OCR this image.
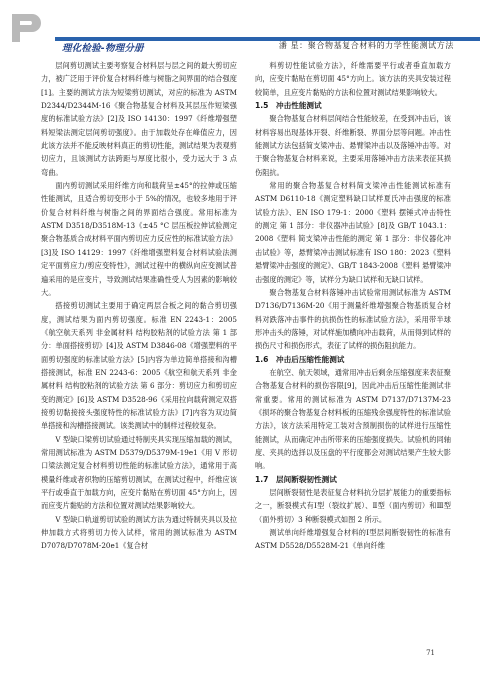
理化检验-物理分册	潘 星：聚合物基复合材料的力学性能测试方法

层间剪切测试主要考察复合材料层与层之间的最大剪切应力，被广泛用于评价复合材料纤维与树脂之间界面的结合强度[1]。主要的测试方法为短梁剪切测试，对应的标准为 ASTM D2344/D2344M-16《聚合物基复合材料及其层压作短梁强度的标准试验方法》[2]及 ISO 14130：1997《纤维增强塑料短梁法测定层间剪切强度》。由于加载处存在峰值应力，因此该方法并不能反映材料真正的剪切性能，测试结果为表观剪切应力，且该测试方法跨距与厚度比很小，受力远大于 3 点弯曲。

面内剪切测试采用纤维方向和载荷呈±45°的拉伸或压缩性能测试，且适合剪切变形小于 5%的情况，也较多地用于评价复合材料纤维与树脂之间的界面结合强度。常用标准为 ASTM D3518/D3518M-13《±45 °C 层压板拉伸试验测定聚合物基质合成材料平面内剪切应力反应性的标准试验方法》[3]及 ISO 14129：1997《纤维增强塑料复合材料试验法测定平面剪应力/剪应变特性》，测试过程中的横纵向应变测试普遍采用的是应变片，导致测试结果准确性受人为因素的影响较大。

搭接剪切测试主要用于确定两层合板之间的黏合剪切强度，测试结果为面内剪切强度。标准 EN 2243-1：2005《航空航天系列 非金属材料 结构胶粘剂的试验方法 第 1 部分：单面搭接剪切》[4]及 ASTM D3846-08《增强塑料的平面剪切强度的标准试验方法》[5]内容为单边简单搭接和沟槽搭接测试，标准 EN 2243-6：2005《航空和航天系列 非金属材料 结构胶粘剂的试验方法 第 6 部分：剪切应力和剪切应变的测定》[6]及 ASTM D3528-96《采用拉向载荷测定双搭接剪切黏接接头强度特性的标准试验方法》[7]内容为双边简单搭接和沟槽搭接测试。该类测试中的制样过程较复杂。

V 型缺口梁剪切试验通过特制夹具实现压缩加载的测试，常用测试标准为 ASTM D5379/D5379M-19e1《用 V 形切口梁法测定复合材料剪切性能的标准试验方法》，通常用于高模量纤维或者织物的压缩剪切测试，在测试过程中，纤维应该平行或垂直于加载方向，应变片黏贴在剪切面 45°方向上，因而应变片黏贴的方法和位置对测试结果影响较大。

V 型缺口轨道剪切试验的测试方法为通过特制夹具以及拉伸加载方式将剪切力传入试样，常用的测试标准为 ASTM D7078/D7078M-20e1《复合材

料剪切性能试验方法》，纤维需要平行或者垂直加载方向，应变片黏贴在剪切面 45°方向上。该方法的夹具安装过程较简单，且应变片黏贴的方法和位置对测试结果影响较大。

1.5　冲击性能测试

聚合物基复合材料层间结合性能较差，在受到冲击后，该材料容易出现基体开裂、纤维断裂、界面分层等问题。冲击性能测试方法包括简支梁冲击、悬臂梁冲击以及落锤冲击等。对于聚合物基复合材料来说，主要采用落锤冲击方法来表征其损伤阻抗。

常用的聚合物基复合材料简支梁冲击性能测试标准有 ASTM D6110-18《测定塑料缺口试样夏氏冲击强度的标准试验方法》、EN ISO 179-1：2000《塑料 摆锤式冲击特性的测定 第 1 部分：非仪器冲击试验》[8]及 GB/T 1043.1：2008《塑料 简支梁冲击性能的测定 第 1 部分：非仪器化冲击试验》等，悬臂梁冲击测试标准有 ISO 180：2023《塑料 悬臂梁冲击强度的测定》、GB/T 1843-2008《塑料 悬臂梁冲击强度的测定》等，试样分为缺口试样和无缺口试样。

聚合物基复合材料落锤冲击试验常用测试标准为 ASTM D7136/D7136M-20《用于测量纤维增强聚合物基质复合材料对跌落冲击事件的抗损伤性的标准试验方法》，采用带半球形冲击头的落锤，对试样施加横向冲击载荷，从而得到试样的损伤尺寸和损伤形式，表征了试样的损伤阻抗能力。

1.6　冲击后压缩性能测试

在航空、航天领域，通常用冲击后剩余压缩强度来表征聚合物基复合材料的损伤容限[9]，因此冲击后压缩性能测试非常重要。常用的测试标准为 ASTM D7137/D7137M-23《损坏的聚合物基复合材料板的压缩残余强度特性的标准试验方法》，该方法采用特定工装对含预制损伤的试样进行压缩性能测试，从而确定冲击所带来的压缩强度损失。试验机的同轴度、夹具的选择以及压盘的平行度都会对测试结果产生较大影响。

1.7　层间断裂韧性测试

层间断裂韧性是表征复合材料抗分层扩展能力的重要指标之一，断裂模式有Ⅰ型（裂纹扩展）、Ⅱ型（面内剪切）和Ⅲ型（面外剪切）3 种断裂模式如图 2 所示。

测试单向纤维增强复合材料的Ⅰ型层间断裂韧性的标准有 ASTM D5528/D5528M-21《单向纤维

71
